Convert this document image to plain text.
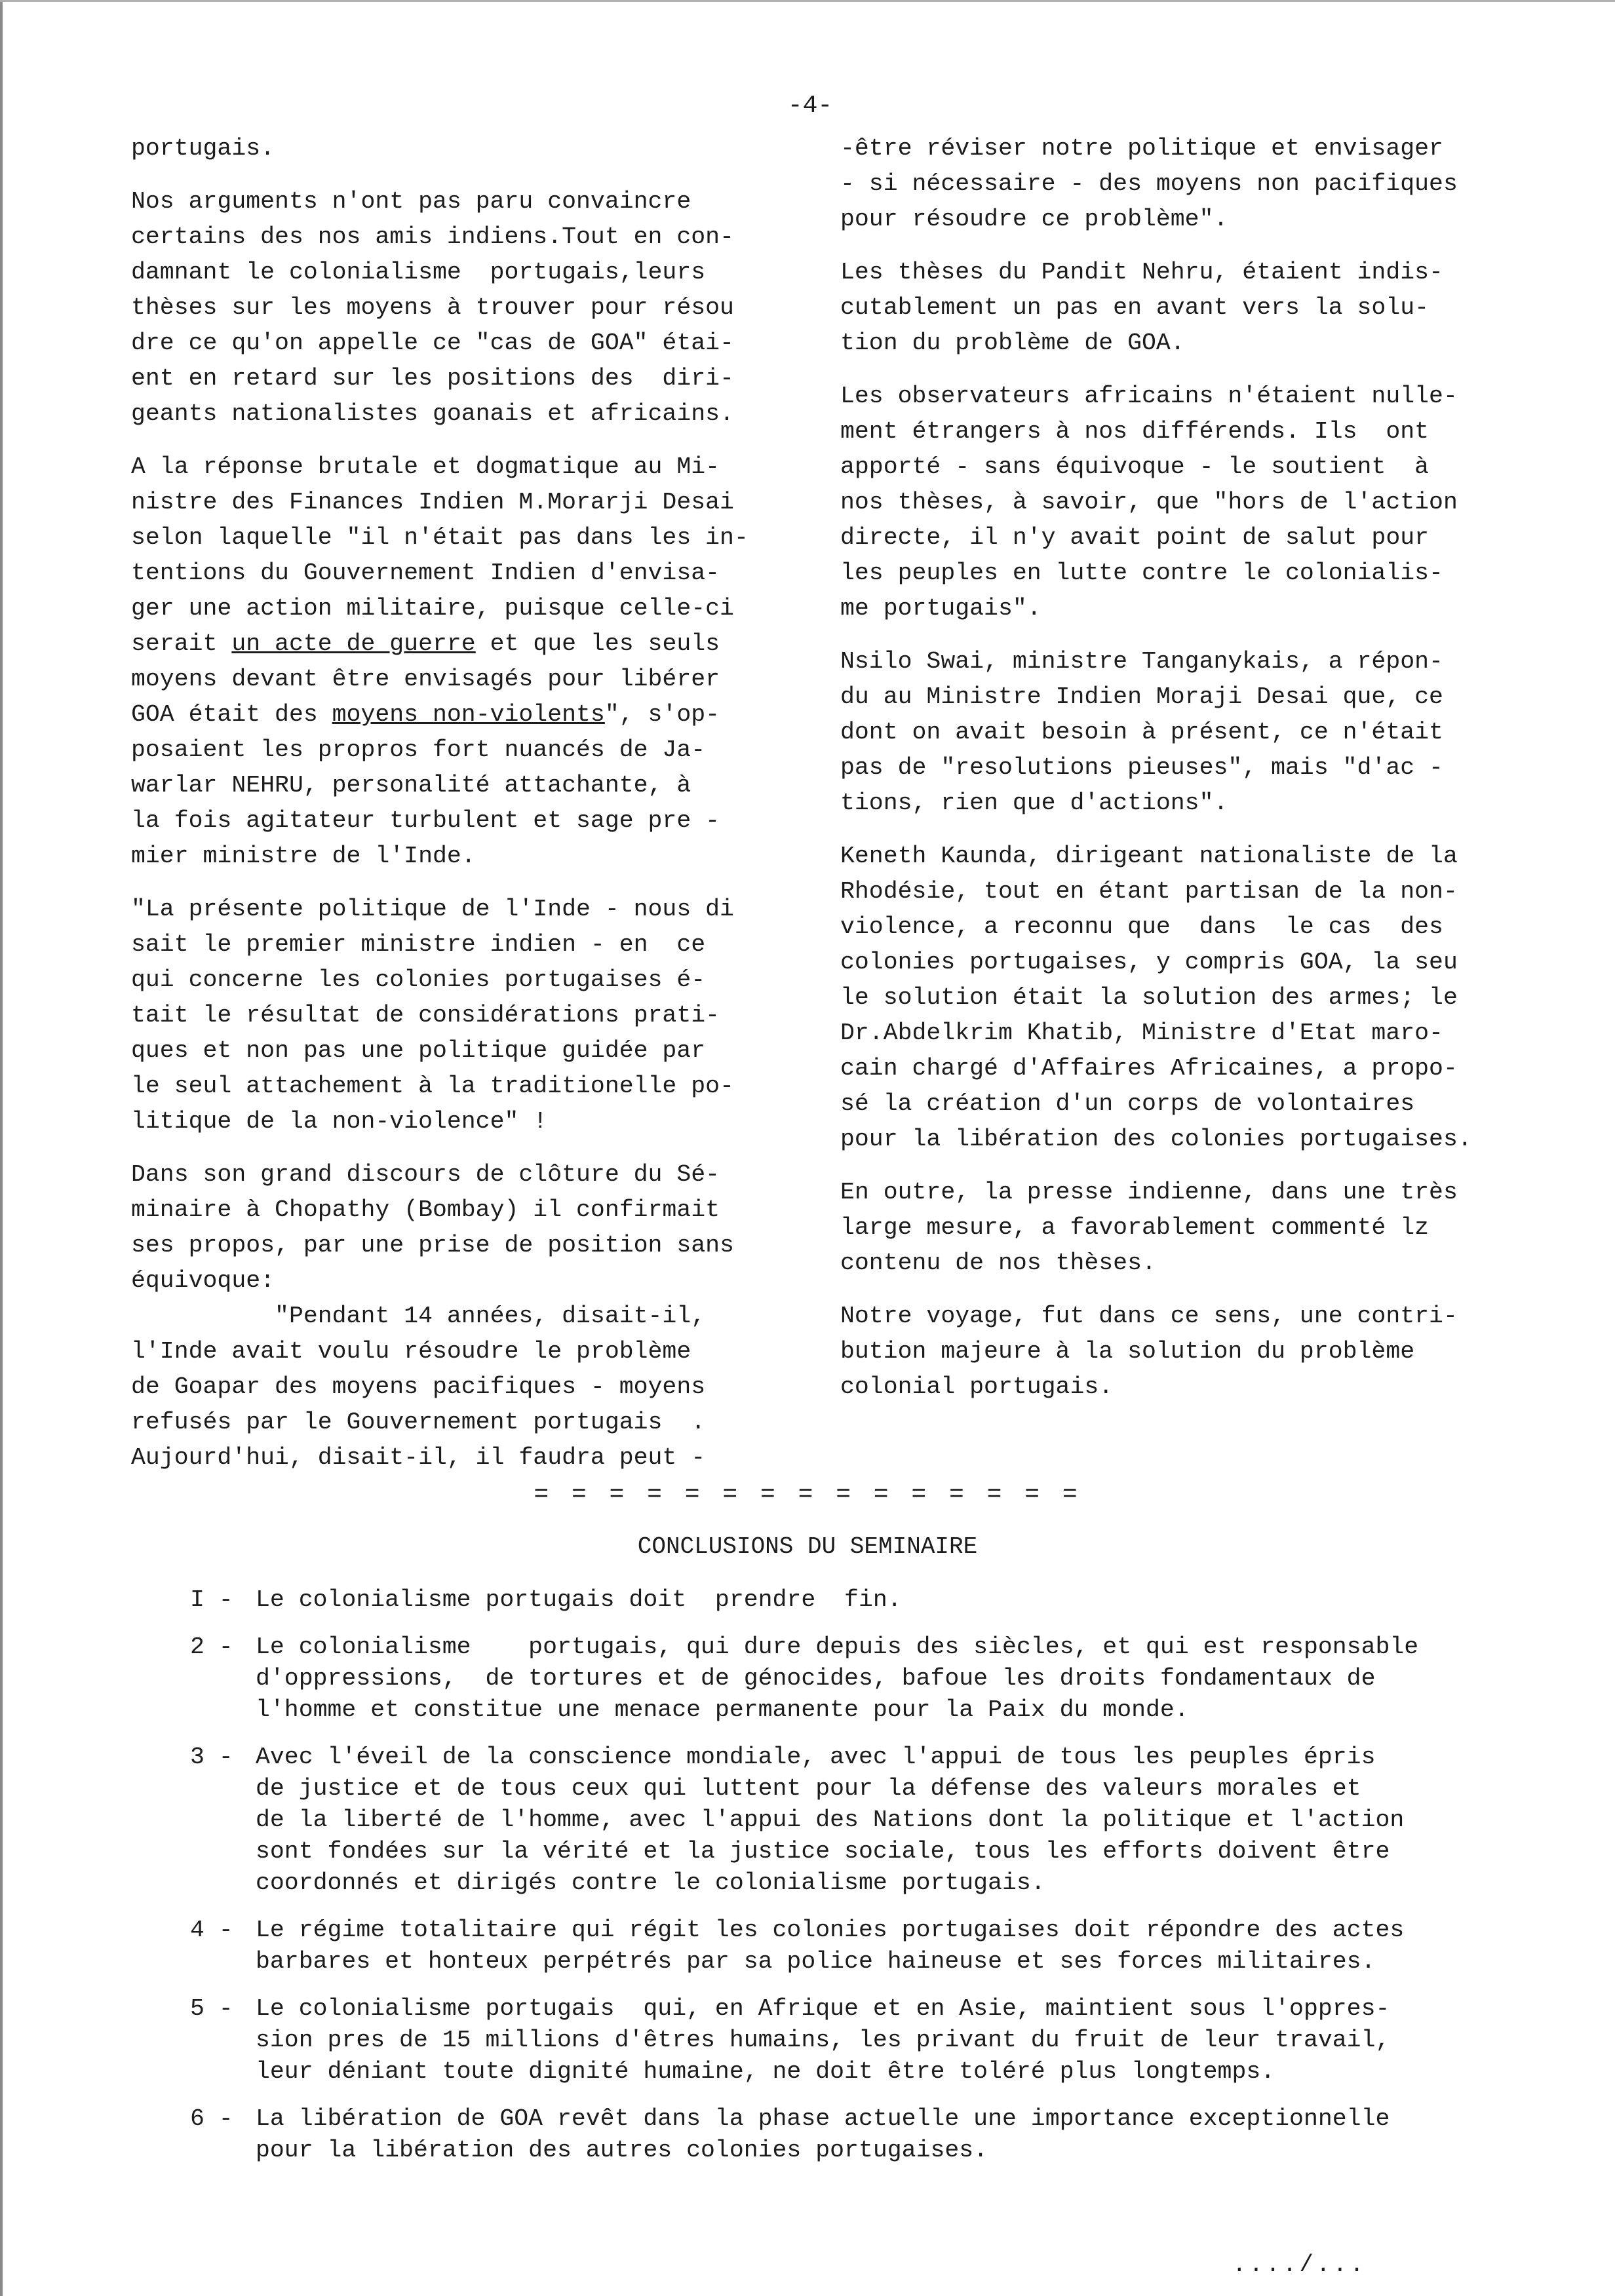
-4-
portugais.
Nos arguments n'ont pas paru convaincre
certains des nos amis indiens.Tout en con-
damnant le colonialisme  portugais,leurs
thèses sur les moyens à trouver pour résou
dre ce qu'on appelle ce "cas de GOA" étai-
ent en retard sur les positions des  diri-
geants nationalistes goanais et africains.
A la réponse brutale et dogmatique au Mi-
nistre des Finances Indien M.Morarji Desai
selon laquelle "il n'était pas dans les in-
tentions du Gouvernement Indien d'envisa-
ger une action militaire, puisque celle-ci
serait un acte de guerre et que les seuls
moyens devant être envisagés pour libérer
GOA était des moyens non-violents", s'op-
posaient les propros fort nuancés de Ja-
warlar NEHRU, personalité attachante, à
la fois agitateur turbulent et sage pre -
mier ministre de l'Inde.
"La présente politique de l'Inde - nous di
sait le premier ministre indien - en  ce
qui concerne les colonies portugaises é-
tait le résultat de considérations prati-
ques et non pas une politique guidée par
le seul attachement à la traditionelle po-
litique de la non-violence" !
Dans son grand discours de clôture du Sé-
minaire à Chopathy (Bombay) il confirmait
ses propos, par une prise de position sans
équivoque:
"Pendant 14 années, disait-il,
l'Inde avait voulu résoudre le problème
de Goapar des moyens pacifiques - moyens
refusés par le Gouvernement portugais  .
Aujourd'hui, disait-il, il faudra peut -
-être réviser notre politique et envisager
- si nécessaire - des moyens non pacifiques
pour résoudre ce problème".
Les thèses du Pandit Nehru, étaient indis-
cutablement un pas en avant vers la solu-
tion du problème de GOA.
Les observateurs africains n'étaient nulle-
ment étrangers à nos différends. Ils  ont
apporté - sans équivoque - le soutient  à
nos thèses, à savoir, que "hors de l'action
directe, il n'y avait point de salut pour
les peuples en lutte contre le colonialis-
me portugais".
Nsilo Swai, ministre Tanganykais, a répon-
du au Ministre Indien Moraji Desai que, ce
dont on avait besoin à présent, ce n'était
pas de "resolutions pieuses", mais "d'ac -
tions, rien que d'actions".
Keneth Kaunda, dirigeant nationaliste de la
Rhodésie, tout en étant partisan de la non-
violence, a reconnu que  dans  le cas  des
colonies portugaises, y compris GOA, la seu
le solution était la solution des armes; le
Dr.Abdelkrim Khatib, Ministre d'Etat maro-
cain chargé d'Affaires Africaines, a propo-
sé la création d'un corps de volontaires
pour la libération des colonies portugaises.
En outre, la presse indienne, dans une très
large mesure, a favorablement commenté lz
contenu de nos thèses.
Notre voyage, fut dans ce sens, une contri-
bution majeure à la solution du problème
colonial portugais.
= = = = = = = = = = = = = = =
CONCLUSIONS DU SEMINAIRE
I - Le colonialisme portugais doit  prendre  fin.
2 - Le colonialisme    portugais, qui dure depuis des siècles, et qui est responsable
d'oppressions,  de tortures et de génocides, bafoue les droits fondamentaux de
l'homme et constitue une menace permanente pour la Paix du monde.
3 - Avec l'éveil de la conscience mondiale, avec l'appui de tous les peuples épris
de justice et de tous ceux qui luttent pour la défense des valeurs morales et
de la liberté de l'homme, avec l'appui des Nations dont la politique et l'action
sont fondées sur la vérité et la justice sociale, tous les efforts doivent être
coordonnés et dirigés contre le colonialisme portugais.
4 - Le régime totalitaire qui régit les colonies portugaises doit répondre des actes
barbares et honteux perpétrés par sa police haineuse et ses forces militaires.
5 - Le colonialisme portugais  qui, en Afrique et en Asie, maintient sous l'oppres-
sion pres de 15 millions d'êtres humains, les privant du fruit de leur travail,
leur déniant toute dignité humaine, ne doit être toléré plus longtemps.
6 - La libération de GOA revêt dans la phase actuelle une importance exceptionnelle
pour la libération des autres colonies portugaises.
..../...
